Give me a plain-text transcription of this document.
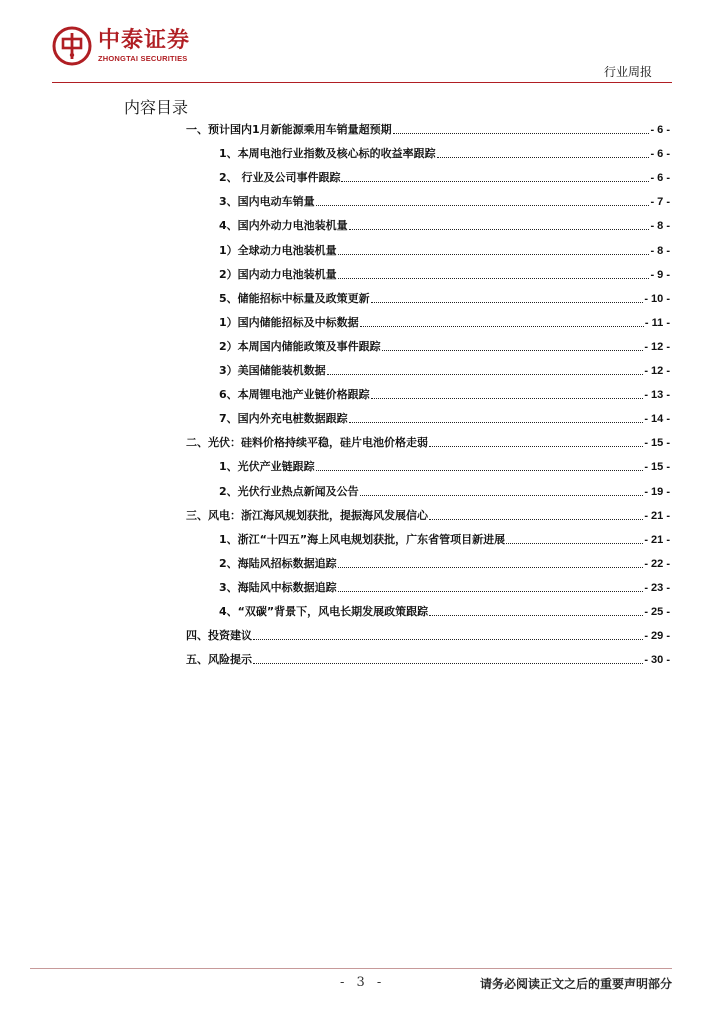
中泰证券
ZHONGTAI SECURITIES
行业周报
内容目录
一、预计国内1月新能源乘用车销量超预期	- 6 -
1、本周电池行业指数及核心标的收益率跟踪	- 6 -
2、 行业及公司事件跟踪	- 6 -
3、国内电动车销量	- 7 -
4、国内外动力电池装机量	- 8 -
1）全球动力电池装机量	- 8 -
2）国内动力电池装机量	- 9 -
5、储能招标中标量及政策更新	- 10 -
1）国内储能招标及中标数据	- 11 -
2）本周国内储能政策及事件跟踪	- 12 -
3）美国储能装机数据	- 12 -
6、本周锂电池产业链价格跟踪	- 13 -
7、国内外充电桩数据跟踪	- 14 -
二、光伏：硅料价格持续平稳，硅片电池价格走弱	- 15 -
1、光伏产业链跟踪	- 15 -
2、光伏行业热点新闻及公告	- 19 -
三、风电：浙江海风规划获批，提振海风发展信心	- 21 -
1、浙江“十四五”海上风电规划获批，广东省管项目新进展	- 21 -
2、海陆风招标数据追踪	- 22 -
3、海陆风中标数据追踪	- 23 -
4、“双碳”背景下，风电长期发展政策跟踪	- 25 -
四、投资建议	- 29 -
五、风险提示	- 30 -
- 3 -	请务必阅读正文之后的重要声明部分
